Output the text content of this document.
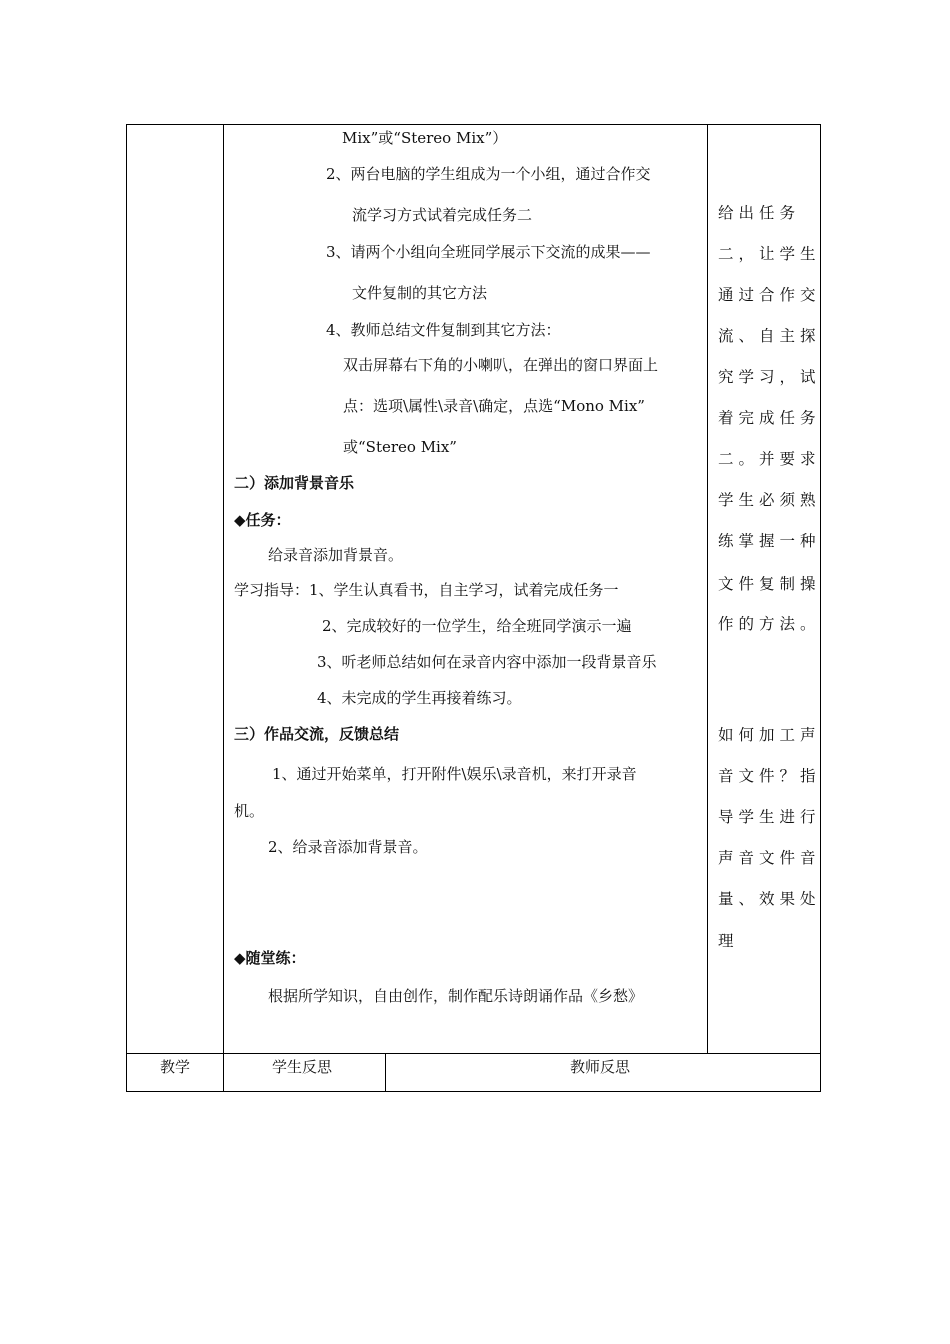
Mix”或“Stereo Mix”）
2、两台电脑的学生组成为一个小组，通过合作交
流学习方式试着完成任务二
3、请两个小组向全班同学展示下交流的成果——
文件复制的其它方法
4、教师总结文件复制到其它方法：
双击屏幕右下角的小喇叭，在弹出的窗口界面上
点：选项\属性\录音\确定，点选“Mono Mix”
或“Stereo Mix”
二）添加背景音乐
◆任务：
给录音添加背景音。
学习指导：1、学生认真看书，自主学习，试着完成任务一
2、完成较好的一位学生，给全班同学演示一遍
3、听老师总结如何在录音内容中添加一段背景音乐
4、未完成的学生再接着练习。
三）作品交流，反馈总结
1、通过开始菜单，打开附件\娱乐\录音机，来打开录音
机。
2、给录音添加背景音。
◆随堂练：
根据所学知识，自由创作，制作配乐诗朗诵作品《乡愁》
给出任务
二，让学生
通过合作交
流、自主探
究学习，试
着完成任务
二。并要求
学生必须熟
练掌握一种
文件复制操
作的方法。
如何加工声
音文件？指
导学生进行
声音文件音
量、效果处
理
教学	学生反思	教师反思
